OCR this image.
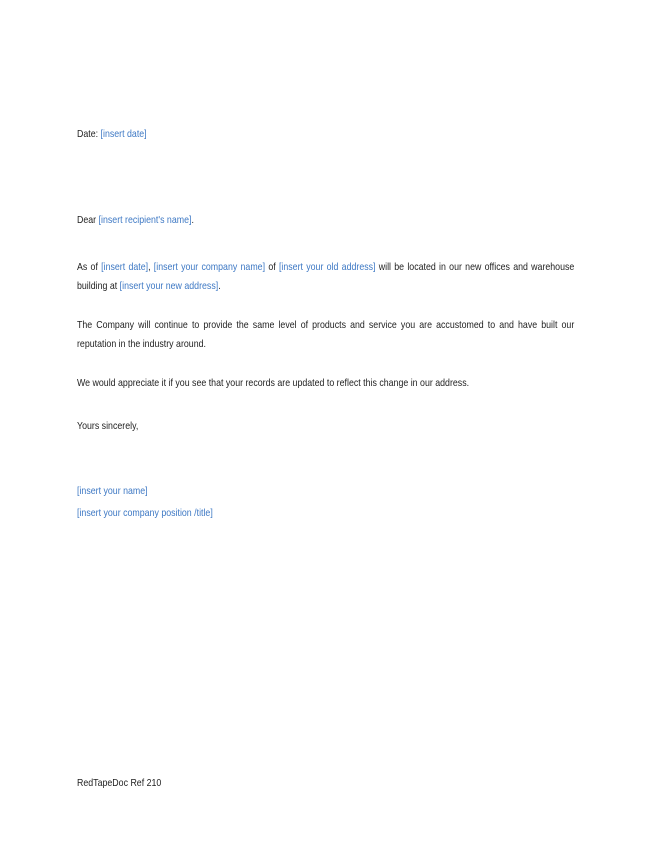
Date: [insert date]
Dear [insert recipient's name].
As of [insert date], [insert your company name] of [insert your old address] will be located in our new offices and warehouse building at [insert your new address].
The Company will continue to provide the same level of products and service you are accustomed to and have built our reputation in the industry around.
We would appreciate it if you see that your records are updated to reflect this change in our address.
Yours sincerely,
[insert your name]
[insert your company position /title]
RedTapeDoc Ref 210
